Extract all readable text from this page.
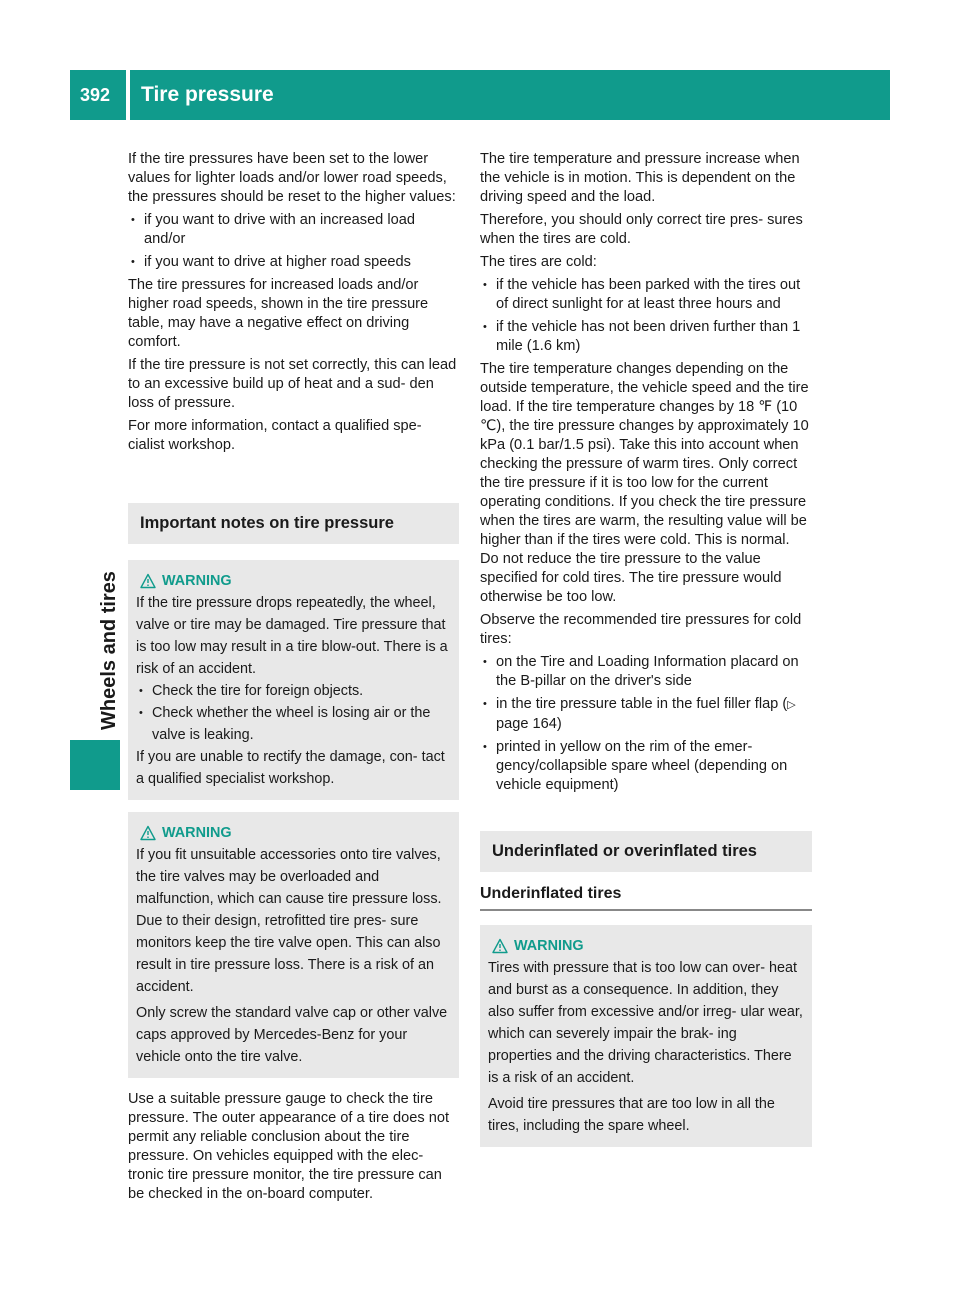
392 Tire pressure
Wheels and tires

If the tire pressures have been set to the lower values for lighter loads and/or lower road speeds, the pressures should be reset to the higher values:

• if you want to drive with an increased load and/or
• if you want to drive at higher road speeds

The tire pressures for increased loads and/or higher road speeds, shown in the tire pressure table, may have a negative effect on driving comfort.

If the tire pressure is not set correctly, this can lead to an excessive build up of heat and a sud- den loss of pressure.

For more information, contact a qualified spe- cialist workshop.

Important notes on tire pressure
WARNING

If the tire pressure drops repeatedly, the wheel, valve or tire may be damaged. Tire pressure that is too low may result in a tire blow-out. There is a risk of an accident.

• Check the tire for foreign objects.
• Check whether the wheel is losing air or the valve is leaking.

If you are unable to rectify the damage, con- tact a qualified specialist workshop.

WARNING

If you fit unsuitable accessories onto tire valves, the tire valves may be overloaded and malfunction, which can cause tire pressure loss. Due to their design, retrofitted tire pres- sure monitors keep the tire valve open. This can also result in tire pressure loss. There is a risk of an accident.

Only screw the standard valve cap or other valve caps approved by Mercedes-Benz for your vehicle onto the tire valve.

Use a suitable pressure gauge to check the tire pressure. The outer appearance of a tire does not permit any reliable conclusion about the tire pressure. On vehicles equipped with the elec- tronic tire pressure monitor, the tire pressure can be checked in the on-board computer.

The tire temperature and pressure increase when the vehicle is in motion. This is dependent on the driving speed and the load.

Therefore, you should only correct tire pres- sures when the tires are cold.

The tires are cold:

• if the vehicle has been parked with the tires out of direct sunlight for at least three hours and
• if the vehicle has not been driven further than 1 mile (1.6 km)

The tire temperature changes depending on the outside temperature, the vehicle speed and the tire load. If the tire temperature changes by 18 ℉ (10 ℃), the tire pressure changes by approximately 10 kPa (0.1 bar/1.5 psi). Take this into account when checking the pressure of warm tires. Only correct the tire pressure if it is too low for the current operating conditions. If you check the tire pressure when the tires are warm, the resulting value will be higher than if the tires were cold. This is normal. Do not reduce the tire pressure to the value specified for cold tires. The tire pressure would otherwise be too low.

Observe the recommended tire pressures for cold tires:

• on the Tire and Loading Information placard on the B-pillar on the driver's side
• in the tire pressure table in the fuel filler flap (▷ page 164)
• printed in yellow on the rim of the emer- gency/collapsible spare wheel (depending on vehicle equipment)
Underinflated or overinflated tires
Underinflated tires
WARNING

Tires with pressure that is too low can over- heat and burst as a consequence. In addition, they also suffer from excessive and/or irreg- ular wear, which can severely impair the brak- ing properties and the driving characteristics. There is a risk of an accident.

Avoid tire pressures that are too low in all the tires, including the spare wheel.
